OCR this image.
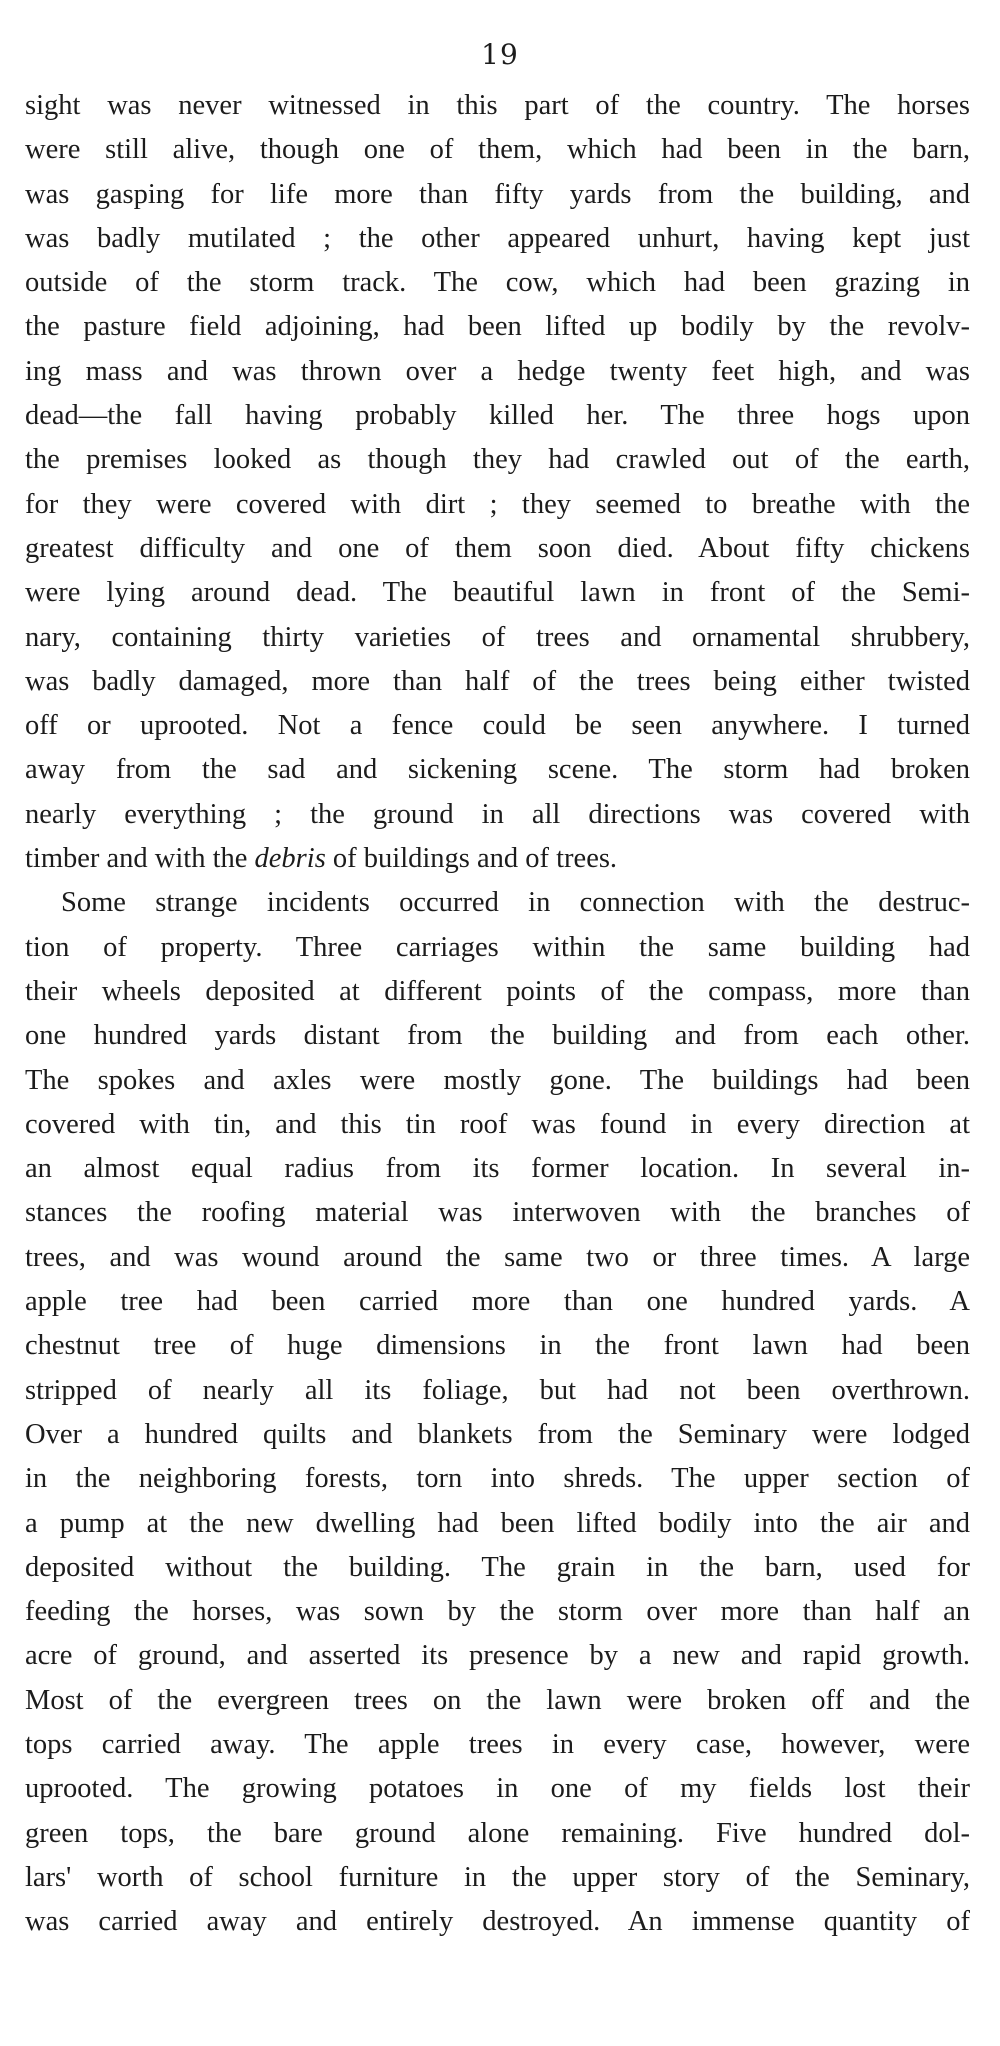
19
sight was never witnessed in this part of the country. The horses
were still alive, though one of them, which had been in the barn,
was gasping for life more than fifty yards from the building, and
was badly mutilated ; the other appeared unhurt, having kept just
outside of the storm track. The cow, which had been grazing in
the pasture field adjoining, had been lifted up bodily by the revolv-
ing mass and was thrown over a hedge twenty feet high, and was
dead—the fall having probably killed her. The three hogs upon
the premises looked as though they had crawled out of the earth,
for they were covered with dirt ; they seemed to breathe with the
greatest difficulty and one of them soon died. About fifty chickens
were lying around dead. The beautiful lawn in front of the Semi-
nary, containing thirty varieties of trees and ornamental shrubbery,
was badly damaged, more than half of the trees being either twisted
off or uprooted. Not a fence could be seen anywhere. I turned
away from the sad and sickening scene. The storm had broken
nearly everything ; the ground in all directions was covered with
timber and with the debris of buildings and of trees.
Some strange incidents occurred in connection with the destruc-
tion of property. Three carriages within the same building had
their wheels deposited at different points of the compass, more than
one hundred yards distant from the building and from each other.
The spokes and axles were mostly gone. The buildings had been
covered with tin, and this tin roof was found in every direction at
an almost equal radius from its former location. In several in-
stances the roofing material was interwoven with the branches of
trees, and was wound around the same two or three times. A large
apple tree had been carried more than one hundred yards. A
chestnut tree of huge dimensions in the front lawn had been
stripped of nearly all its foliage, but had not been overthrown.
Over a hundred quilts and blankets from the Seminary were lodged
in the neighboring forests, torn into shreds. The upper section of
a pump at the new dwelling had been lifted bodily into the air and
deposited without the building. The grain in the barn, used for
feeding the horses, was sown by the storm over more than half an
acre of ground, and asserted its presence by a new and rapid growth.
Most of the evergreen trees on the lawn were broken off and the
tops carried away. The apple trees in every case, however, were
uprooted. The growing potatoes in one of my fields lost their
green tops, the bare ground alone remaining. Five hundred dol-
lars' worth of school furniture in the upper story of the Seminary,
was carried away and entirely destroyed. An immense quantity of
